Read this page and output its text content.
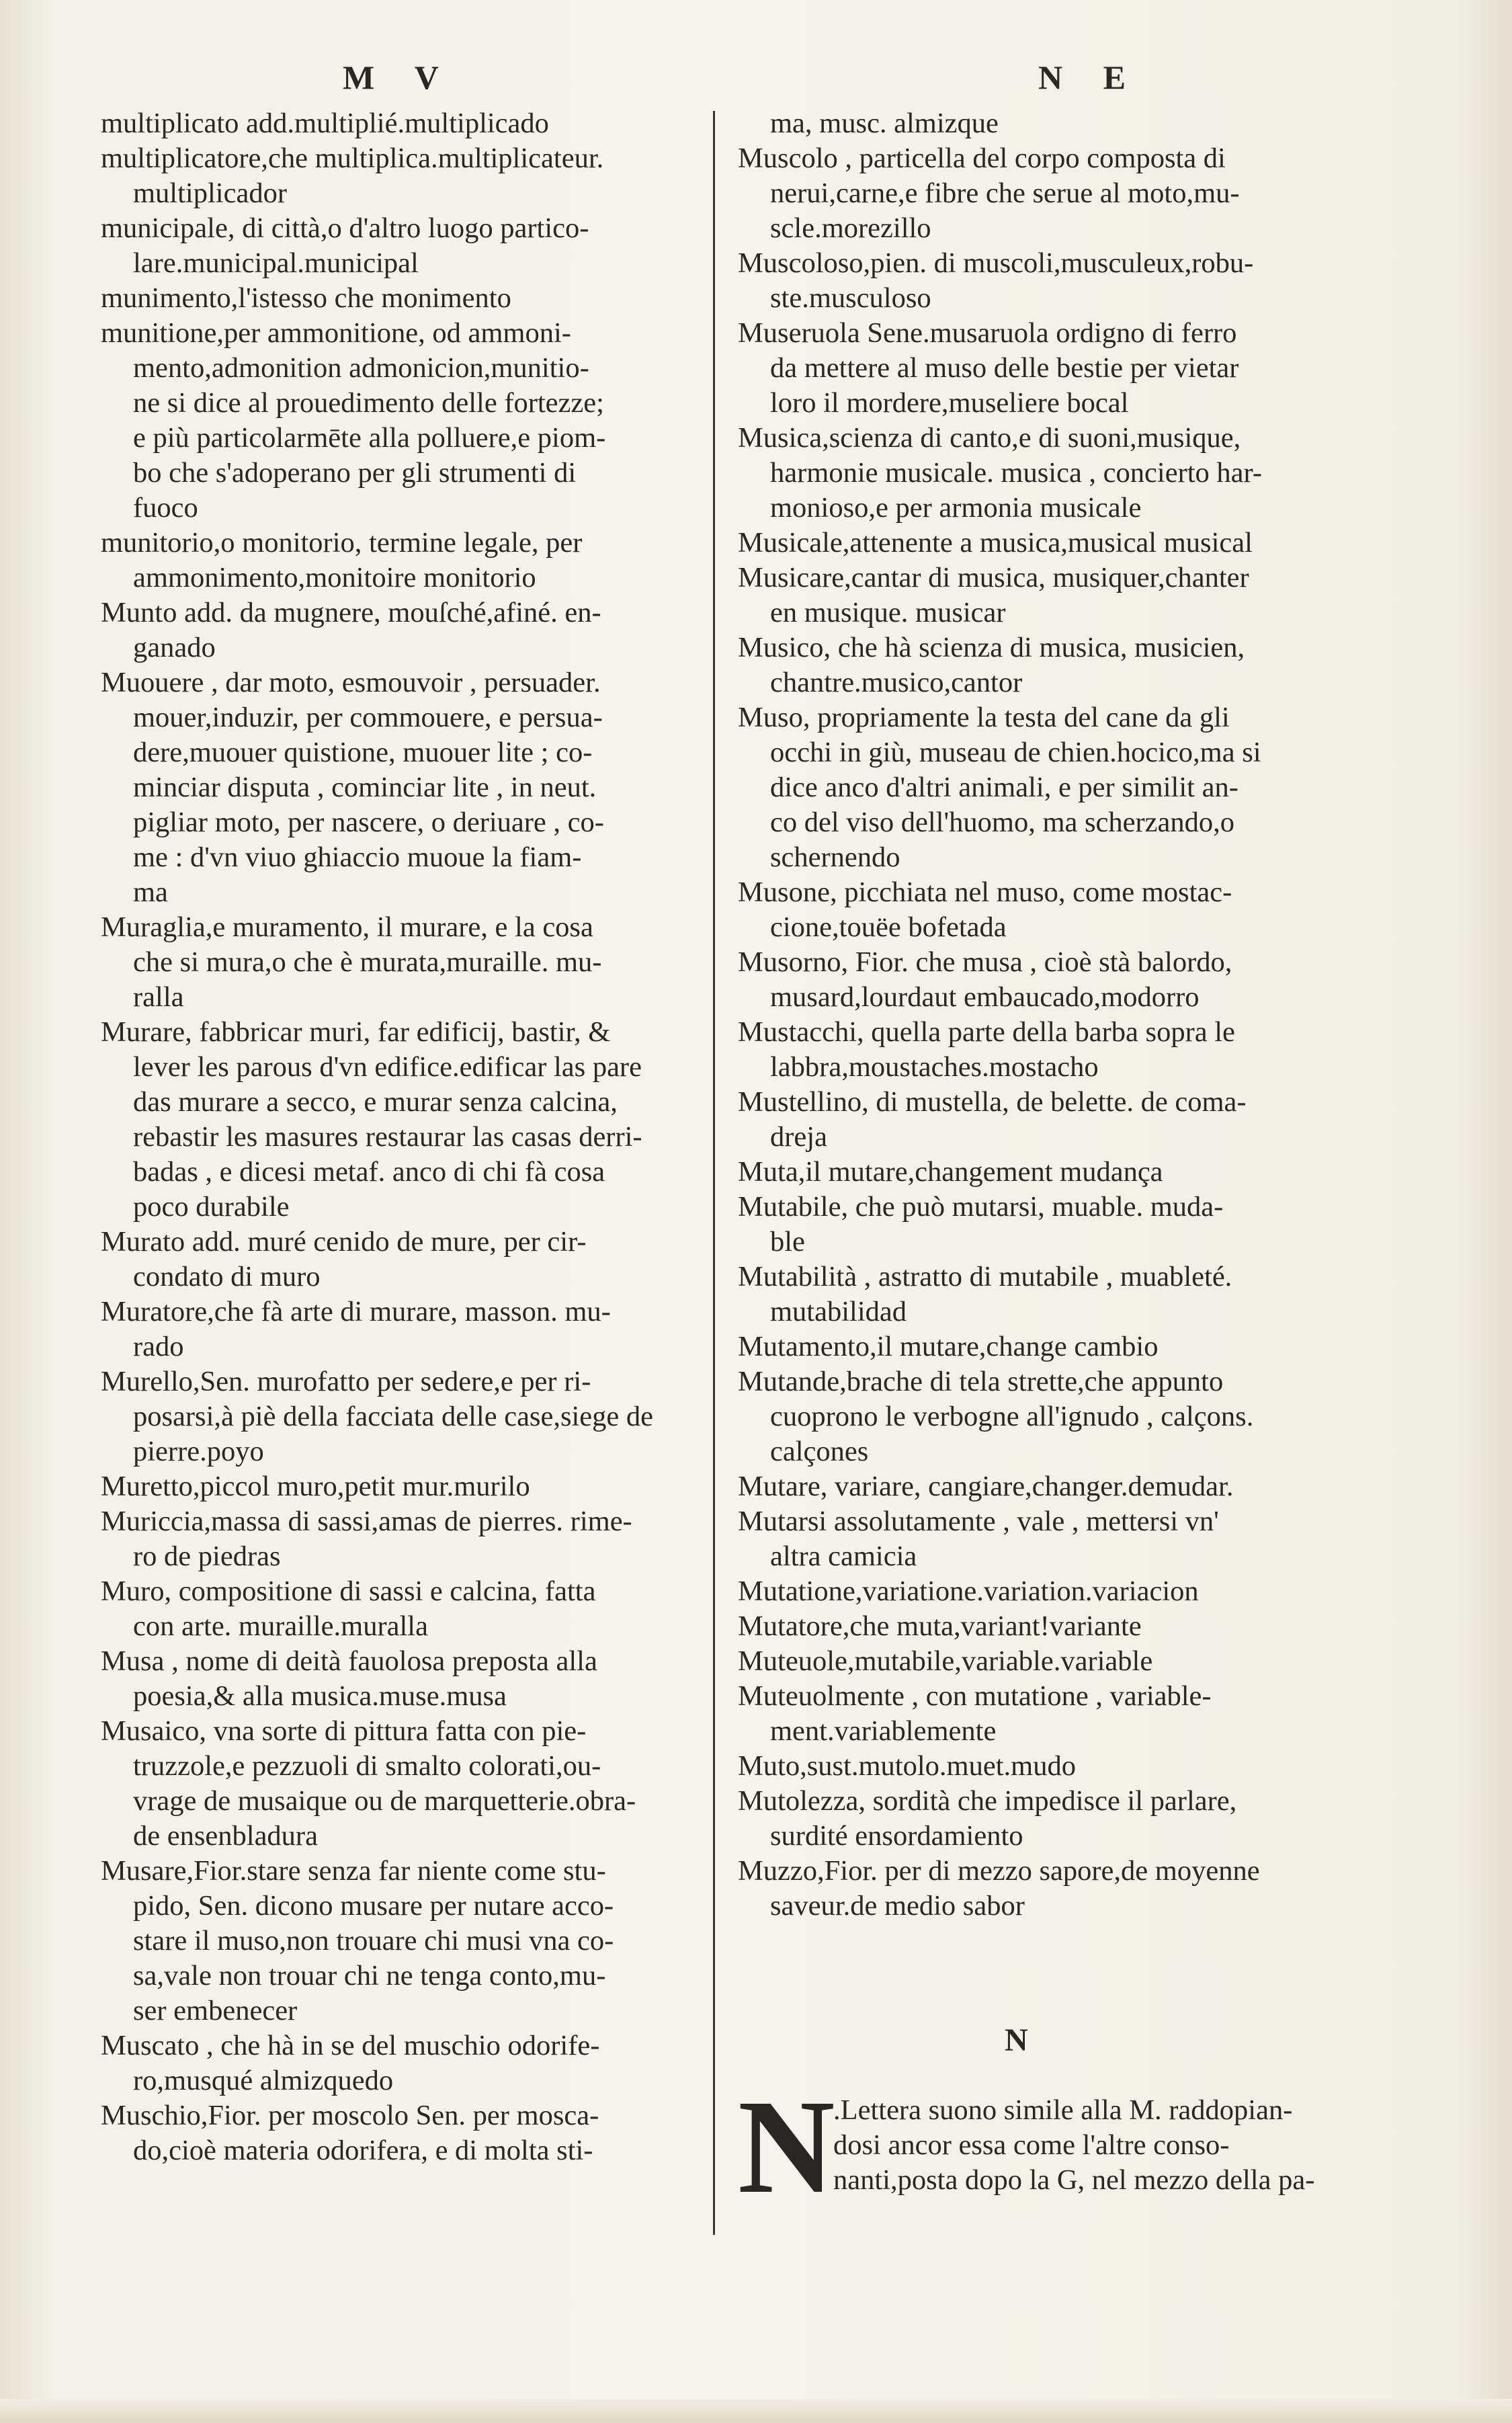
M V	N E
multiplicato add.multiplié.multiplicado
multiplicatore,che multiplica.multiplicateur.
multiplicador
municipale, di città,o d'altro luogo partico-
lare.municipal.municipal
munimento,l'istesso che monimento
munitione,per ammonitione, od ammoni-
mento,admonition admonicion,munitio-
ne si dice al prouedimento delle fortezze;
e più particolarmēte alla polluere,e piom-
bo che s'adoperano per gli strumenti di
fuoco
munitorio,o monitorio, termine legale, per
ammonimento,monitoire monitorio
Munto add. da mugnere, mouſché,afiné. en-
ganado
Muouere , dar moto, esmouvoir , persuader.
mouer,induzir, per commouere, e persua-
dere,muouer quistione, muouer lite ; co-
minciar disputa , cominciar lite , in neut.
pigliar moto, per nascere, o deriuare , co-
me : d'vn viuo ghiaccio muoue la fiam-
ma
Muraglia,e muramento, il murare, e la cosa
che si mura,o che è murata,muraille. mu-
ralla
Murare, fabbricar muri, far edificij, bastir, &
lever les parous d'vn edifice.edificar las pare
das murare a secco, e murar senza calcina,
rebastir les masures restaurar las casas derri-
badas , e dicesi metaf. anco di chi fà cosa
poco durabile
Murato add. muré cenido de mure, per cir-
condato di muro
Muratore,che fà arte di murare, masson. mu-
rado
Murello,Sen. murofatto per sedere,e per ri-
posarsi,à piè della facciata delle case,siege de
pierre.poyo
Muretto,piccol muro,petit mur.murilo
Muriccia,massa di sassi,amas de pierres. rime-
ro de piedras
Muro, compositione di sassi e calcina, fatta
con arte. muraille.muralla
Musa , nome di deità fauolosa preposta alla
poesia,& alla musica.muse.musa
Musaico, vna sorte di pittura fatta con pie-
truzzole,e pezzuoli di smalto colorati,ou-
vrage de musaique ou de marquetterie.obra-
de ensenbladura
Musare,Fior.stare senza far niente come stu-
pido, Sen. dicono musare per nutare acco-
stare il muso,non trouare chi musi vna co-
sa,vale non trouar chi ne tenga conto,mu-
ser embenecer
Muscato , che hà in se del muschio odorife-
ro,musqué almizquedo
Muschio,Fior. per moscolo Sen. per mosca-
do,cioè materia odorifera, e di molta sti-
ma, musc. almizque
Muscolo , particella del corpo composta di
nerui,carne,e fibre che serue al moto,mu-
scle.morezillo
Muscoloso,pien. di muscoli,musculeux,robu-
ste.musculoso
Museruola Sene.musaruola ordigno di ferro
da mettere al muso delle bestie per vietar
loro il mordere,museliere bocal
Musica,scienza di canto,e di suoni,musique,
harmonie musicale. musica , concierto har-
monioso,e per armonia musicale
Musicale,attenente a musica,musical musical
Musicare,cantar di musica, musiquer,chanter
en musique. musicar
Musico, che hà scienza di musica, musicien,
chantre.musico,cantor
Muso, propriamente la testa del cane da gli
occhi in giù, museau de chien.hocico,ma si
dice anco d'altri animali, e per similit an-
co del viso dell'huomo, ma scherzando,o
schernendo
Musone, picchiata nel muso, come mostac-
cione,touëe bofetada
Musorno, Fior. che musa , cioè stà balordo,
musard,lourdaut embaucado,modorro
Mustacchi, quella parte della barba sopra le
labbra,moustaches.mostacho
Mustellino, di mustella, de belette. de coma-
dreja
Muta,il mutare,changement mudança
Mutabile, che può mutarsi, muable. muda-
ble
Mutabilità , astratto di mutabile , muableté.
mutabilidad
Mutamento,il mutare,change cambio
Mutande,brache di tela strette,che appunto
cuoprono le verbogne all'ignudo , calçons.
calçones
Mutare, variare, cangiare,changer.demudar.
Mutarsi assolutamente , vale , mettersi vn'
altra camicia
Mutatione,variatione.variation.variacion
Mutatore,che muta,variant!variante
Muteuole,mutabile,variable.variable
Muteuolmente , con mutatione , variable-
ment.variablemente
Muto,sust.mutolo.muet.mudo
Mutolezza, sordità che impedisce il parlare,
surdité ensordamiento
Muzzo,Fior. per di mezzo sapore,de moyenne
saveur.de medio sabor
N
N
.Lettera suono simile alla M. raddopian-
dosi ancor essa come l'altre conso-
nanti,posta dopo la G, nel mezzo della pa-
